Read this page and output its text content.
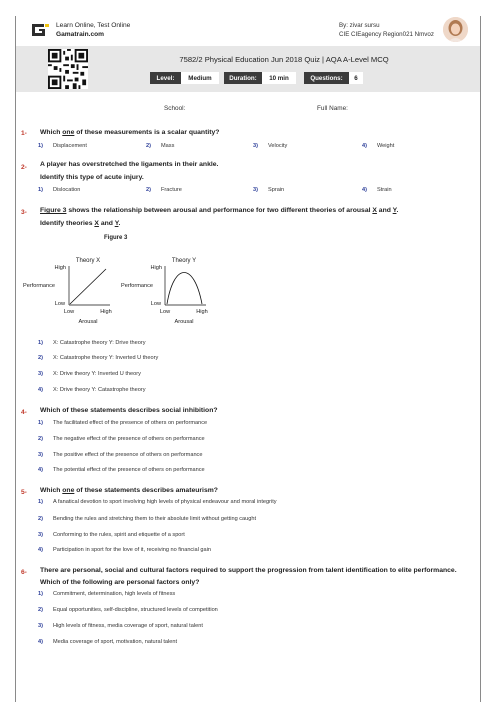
Learn Online, Test Online
Gamatrain.com
By: zivar sursu
CIE CIEagency Region021 Nmvoz
7582/2 Physical Education Jun 2018 Quiz | AQA A-Level MCQ
Level:	Medium	Duration:	10 min	Questions:	6
School:	Full Name:
1- Which one of these measurements is a scalar quantity?
1) Displacement	2) Mass	3) Velocity	4) Weight
2- A player has overstretched the ligaments in their ankle.
Identify this type of acute injury.
1) Dislocation	2) Fracture	3) Sprain	4) Strain
3- Figure 3 shows the relationship between arousal and performance for two different theories of arousal X and Y.
Identify theories X and Y.
Figure 3
Theory X
High
Performance
Low
Low	High
Arousal
Theory Y
High
Performance
Low
Low	High
Arousal
1) X: Catastrophe theory Y: Drive theory
2) X: Catastrophe theory Y: Inverted U theory
3) X: Drive theory Y: Inverted U theory
4) X: Drive theory Y: Catastrophe theory
4- Which of these statements describes social inhibition?
1) The facilitated effect of the presence of others on performance
2) The negative effect of the presence of others on performance
3) The positive effect of the presence of others on performance
4) The potential effect of the presence of others on performance
5- Which one of these statements describes amateurism?
1) A fanatical devotion to sport involving high levels of physical endeavour and moral integrity
2) Bending the rules and stretching them to their absolute limit without getting caught
3) Conforming to the rules, spirit and etiquette of a sport
4) Participation in sport for the love of it, receiving no financial gain
6- There are personal, social and cultural factors required to support the progression from talent identification to elite performance.
Which of the following are personal factors only?
1) Commitment, determination, high levels of fitness
2) Equal opportunities, self-discipline, structured levels of competition
3) High levels of fitness, media coverage of sport, natural talent
4) Media coverage of sport, motivation, natural talent
